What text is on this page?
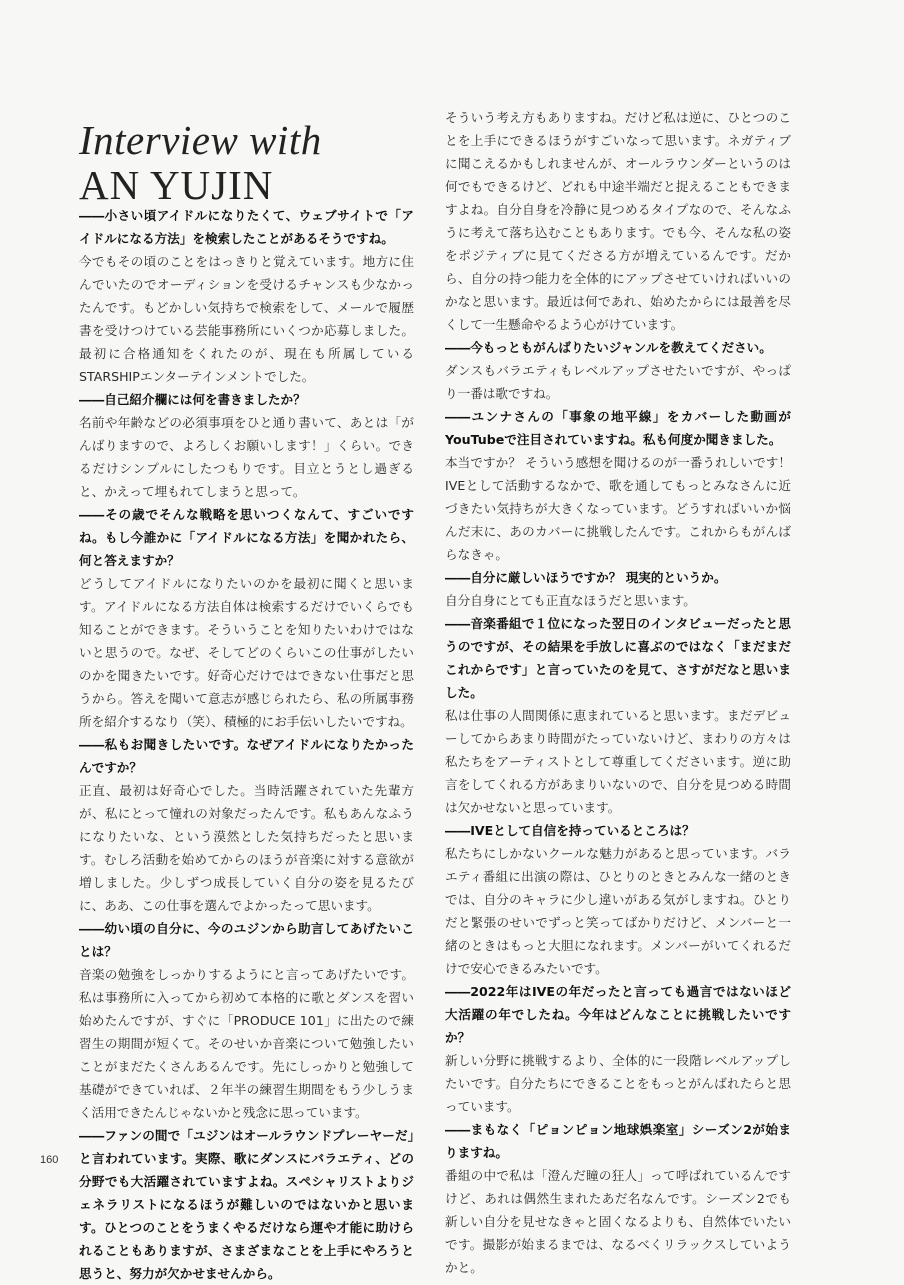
Interview with
AN YUJIN

――小さい頃アイドルになりたくて、ウェブサイトで「アイドルになる方法」を検索したことがあるそうですね。

今でもその頃のことをはっきりと覚えています。地方に住んでいたのでオーディションを受けるチャンスも少なかったんです。もどかしい気持ちで検索をして、メールで履歴書を受けつけている芸能事務所にいくつか応募しました。最初に合格通知をくれたのが、現在も所属しているSTARSHIPエンターテインメントでした。

――自己紹介欄には何を書きましたか？

名前や年齢などの必須事項をひと通り書いて、あとは「がんばりますので、よろしくお願いします！」くらい。できるだけシンプルにしたつもりです。目立とうとし過ぎると、かえって埋もれてしまうと思って。

――その歳でそんな戦略を思いつくなんて、すごいですね。もし今誰かに「アイドルになる方法」を聞かれたら、何と答えますか？

どうしてアイドルになりたいのかを最初に聞くと思います。アイドルになる方法自体は検索するだけでいくらでも知ることができます。そういうことを知りたいわけではないと思うので。なぜ、そしてどのくらいこの仕事がしたいのかを聞きたいです。好奇心だけではできない仕事だと思うから。答えを聞いて意志が感じられたら、私の所属事務所を紹介するなり（笑）、積極的にお手伝いしたいですね。

――私もお聞きしたいです。なぜアイドルになりたかったんですか？

正直、最初は好奇心でした。当時活躍されていた先輩方が、私にとって憧れの対象だったんです。私もあんなふうになりたいな、という漠然とした気持ちだったと思います。むしろ活動を始めてからのほうが音楽に対する意欲が増しました。少しずつ成長していく自分の姿を見るたびに、ああ、この仕事を選んでよかったって思います。

――幼い頃の自分に、今のユジンから助言してあげたいことは？

音楽の勉強をしっかりするようにと言ってあげたいです。私は事務所に入ってから初めて本格的に歌とダンスを習い始めたんですが、すぐに「PRODUCE 101」に出たので練習生の期間が短くて。そのせいか音楽について勉強したいことがまだたくさんあるんです。先にしっかりと勉強して基礎ができていれば、２年半の練習生期間をもう少しうまく活用できたんじゃないかと残念に思っています。

――ファンの間で「ユジンはオールラウンドプレーヤーだ」と言われています。実際、歌にダンスにバラエティ、どの分野でも大活躍されていますよね。スペシャリストよりジェネラリストになるほうが難しいのではないかと思います。ひとつのことをうまくやるだけなら運や才能に助けられることもありますが、さまざまなことを上手にやろうと思うと、努力が欠かせませんから。

そういう考え方もありますね。だけど私は逆に、ひとつのことを上手にできるほうがすごいなって思います。ネガティブに聞こえるかもしれませんが、オールラウンダーというのは何でもできるけど、どれも中途半端だと捉えることもできますよね。自分自身を冷静に見つめるタイプなので、そんなふうに考えて落ち込むこともあります。でも今、そんな私の姿をポジティブに見てくださる方が増えているんです。だから、自分の持つ能力を全体的にアップさせていければいいのかなと思います。最近は何であれ、始めたからには最善を尽くして一生懸命やるよう心がけています。

――今もっともがんばりたいジャンルを教えてください。

ダンスもバラエティもレベルアップさせたいですが、やっぱり一番は歌ですね。

――ユンナさんの「事象の地平線」をカバーした動画がYouTubeで注目されていますね。私も何度か聞きました。

本当ですか？ そういう感想を聞けるのが一番うれしいです！IVEとして活動するなかで、歌を通してもっとみなさんに近づきたい気持ちが大きくなっています。どうすればいいか悩んだ末に、あのカバーに挑戦したんです。これからもがんばらなきゃ。

――自分に厳しいほうですか？ 現実的というか。

自分自身にとても正直なほうだと思います。

――音楽番組で１位になった翌日のインタビューだったと思うのですが、その結果を手放しに喜ぶのではなく「まだまだこれからです」と言っていたのを見て、さすがだなと思いました。

私は仕事の人間関係に恵まれていると思います。まだデビューしてからあまり時間がたっていないけど、まわりの方々は私たちをアーティストとして尊重してくださいます。逆に助言をしてくれる方があまりいないので、自分を見つめる時間は欠かせないと思っています。

――IVEとして自信を持っているところは？

私たちにしかないクールな魅力があると思っています。バラエティ番組に出演の際は、ひとりのときとみんな一緒のときでは、自分のキャラに少し違いがある気がしますね。ひとりだと緊張のせいでずっと笑ってばかりだけど、メンバーと一緒のときはもっと大胆になれます。メンバーがいてくれるだけで安心できるみたいです。

――2022年はIVEの年だったと言っても過言ではないほど大活躍の年でしたね。今年はどんなことに挑戦したいですか？

新しい分野に挑戦するより、全体的に一段階レベルアップしたいです。自分たちにできることをもっとがんばれたらと思っています。

――まもなく「ピョンピョン地球娯楽室」シーズン2が始まりますね。

番組の中で私は「澄んだ瞳の狂人」って呼ばれているんですけど、あれは偶然生まれたあだ名なんです。シーズン2でも新しい自分を見せなきゃと固くなるよりも、自然体でいたいです。撮影が始まるまでは、なるべくリラックスしていようかと。

160
